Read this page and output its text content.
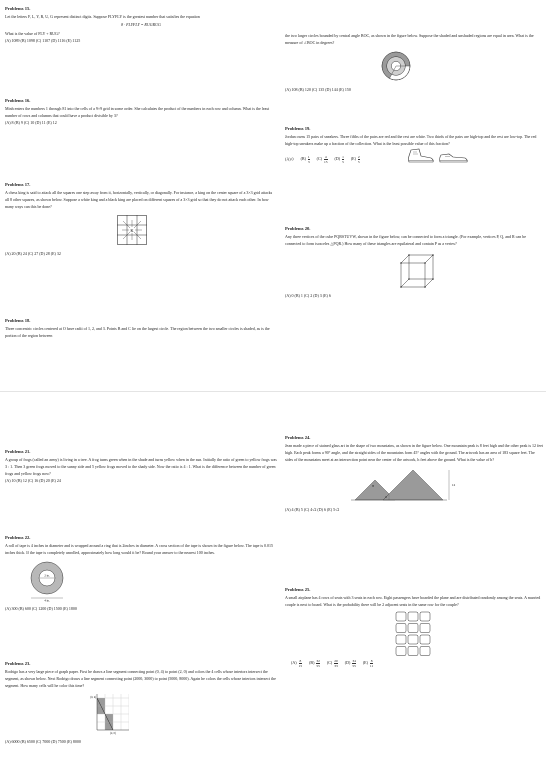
Problems 15.

Let the letters F, L, Y, R, U, G represent distinct digits. Suppose FLYFLY is the greatest number that satisfies the equation

8 · FLYFLY = RUGRUG

What is the value of FLY + RUG?

(A) 1089 (B) 1098 (C) 1107 (D) 1116 (E) 1125

Problems 16.

Minh enters the numbers 1 through 81 into the cells of a 9×9 grid in some order. She calculates the product of the numbers in each row and column. What is the least number of rows and columns that could have a product divisible by 3?

(A) 8 (B) 9 (C) 10 (D) 11 (E) 12

Problems 17.

A chess king is said to attack all the squares one step away from it, horizontally, vertically, or diagonally. For instance, a king on the center square of a 3×3 grid attacks all 8 other squares, as shown below. Suppose a white king and a black king are placed on different squares of a 3×3 grid so that they do not attack each other. In how many ways can this be done?

K

(A) 20 (B) 24 (C) 27 (D) 28 (E) 32

Problems 18.

Three concentric circles centered at O have radii of 1, 2, and 3. Points B and C lie on the largest circle. The region between the two smaller circles is shaded, as is the portion of the region between

the two larger circles bounded by central angle BOC, as shown in the figure below. Suppose the shaded and unshaded regions are equal in area. What is the measure of ∠BOC in degrees?

(A) 108 (B) 120 (C) 135 (D) 144 (E) 150

Problems 19.

Jordan owns 15 pairs of sneakers. Three fifths of the pairs are red and the rest are white. Two thirds of the pairs are high-top and the rest are low-top. The red high-top sneakers make up a fraction of the collection. What is the least possible value of this fraction?

(A) 0 $(B) \frac{1}{3} (C) \frac{4}{15} (D) \frac{1}{5} (E) \frac{2}{5}$

Problems 20.

Any three vertices of the cube PQRSTUVW, shown in the figure below, can be connected to form a triangle. (For example, vertices P, Q, and R can be connected to form isosceles △PQR.) How many of these triangles are equilateral and contain P as a vertex?

(A) 0 (B) 1 (C) 2 (D) 3 (E) 6

Problems 21.

A group of frogs (called an army) is living in a tree. A frog turns green when in the shade and turns yellow when in the sun. Initially the ratio of green to yellow frogs was 3 : 1. Then 3 green frogs moved to the sunny side and 5 yellow frogs moved to the shady side. Now the ratio is 4 : 1. What is the difference between the number of green frogs and yellow frogs now?

(A) 10 (B) 12 (C) 16 (D) 20 (E) 24

Problems 22.

A roll of tape is 4 inches in diameter and is wrapped around a ring that is 2inches in diameter. A cross section of the tape is shown in the figure below. The tape is 0.015 inches thick. If the tape is completely unrolled, approximately how long would it be? Round your answer to the nearest 100 inches.

2 in.
4 in.

(A) 300 (B) 600 (C) 1200 (D) 1500 (E) 1800

Problems 23.

Rodrigo has a very large piece of graph paper. First he draws a line segment connecting point (0, 4) to point (2, 0) and colors the 4 cells whose interiors intersect the segment, as shown below. Next Rodrigo draws a line segment connecting point (2000, 3000) to point (5000, 8000). Again he colors the cells whose interiors intersect the segment. How many cells will he color this time?

(0, 4)
(2, 0)

(A) 6000 (B) 6500 (C) 7000 (D) 7500 (E) 8000

Problems 24.

Jean made a piece of stained glass art in the shape of two mountains, as shown in the figure below. One mountain peak is 8 feet high and the other peak is 12 feet high. Each peak forms a 90° angle, and the straight sides of the mountains form 45° angles with the ground. The artwork has an area of 183 square feet. The sides of the mountains meet at an intersection point near the center of the artwork, h feet above the ground. What is the value of h?

8
h
12

(A) 4 (B) 5 (C) 4√2 (D) 6 (E) 5√2

Problems 25.

A small airplane has 4 rows of seats with 3 seats in each row. Eight passengers have boarded the plane and are distributed randomly among the seats. A married couple is next to board. What is the probability there will be 2 adjacent seats in the same row for the couple?

$(A) \frac{8}{15} (B) \frac{32}{55} (C) \frac{20}{33} (D) \frac{34}{55} (E) \frac{8}{11}$
